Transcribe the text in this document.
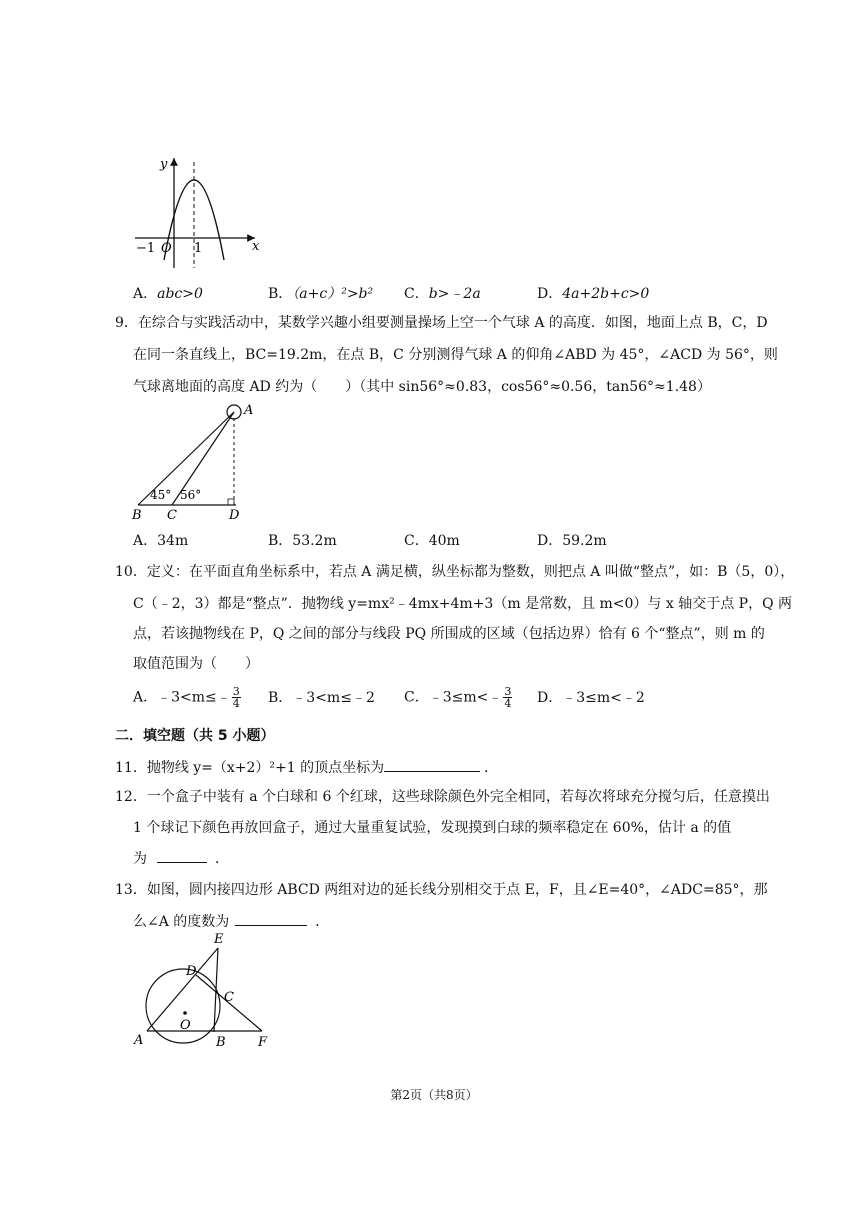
y
x
−1 O 1
A．abc>0	B．（a+c）²>b² C．b>﹣2a	D．4a+2b+c>0
9．在综合与实践活动中，某数学兴趣小组要测量操场上空一个气球 A 的高度．如图，地面上点 B，C，D
在同一条直线上，BC=19.2m，在点 B，C 分别测得气球 A 的仰角∠ABD 为 45°，∠ACD 为 56°，则
气球离地面的高度 AD 约为（　　）（其中 sin56°≈0.83，cos56°≈0.56，tan56°≈1.48）
A
B C	D
45° 56°
A．34m	B．53.2m	C．40m	D．59.2m
10．定义：在平面直角坐标系中，若点 A 满足横，纵坐标都为整数，则把点 A 叫做“整点”，如：B（5，0），
C（﹣2，3）都是“整点”．抛物线 y=mx²﹣4mx+4m+3（m 是常数，且 m<0）与 x 轴交于点 P，Q 两
点，若该抛物线在 P，Q 之间的部分与线段 PQ 所围成的区域（包括边界）恰有 6 个“整点”，则 m 的
取值范围为（　　）
A．﹣3<m≤﹣ $\frac{3}{4}$ B．﹣3<m≤﹣2 C．﹣3≤m<﹣ $\frac{3}{4}$ D．﹣3≤m<﹣2
二．填空题（共 5 小题）
11．抛物线 y=（x+2）²+1 的顶点坐标为	．
12．一个盒子中装有 a 个白球和 6 个红球，这些球除颜色外完全相同，若每次将球充分搅匀后，任意摸出
1 个球记下颜色再放回盒子，通过大量重复试验，发现摸到白球的频率稳定在 60%，估计 a 的值
为	．
13．如图，圆内接四边形 ABCD 两组对边的延长线分别相交于点 E，F，且∠E=40°，∠ADC=85°，那
么∠A 的度数为	．
E
D
C
O
A	B F
第2页（共8页）
